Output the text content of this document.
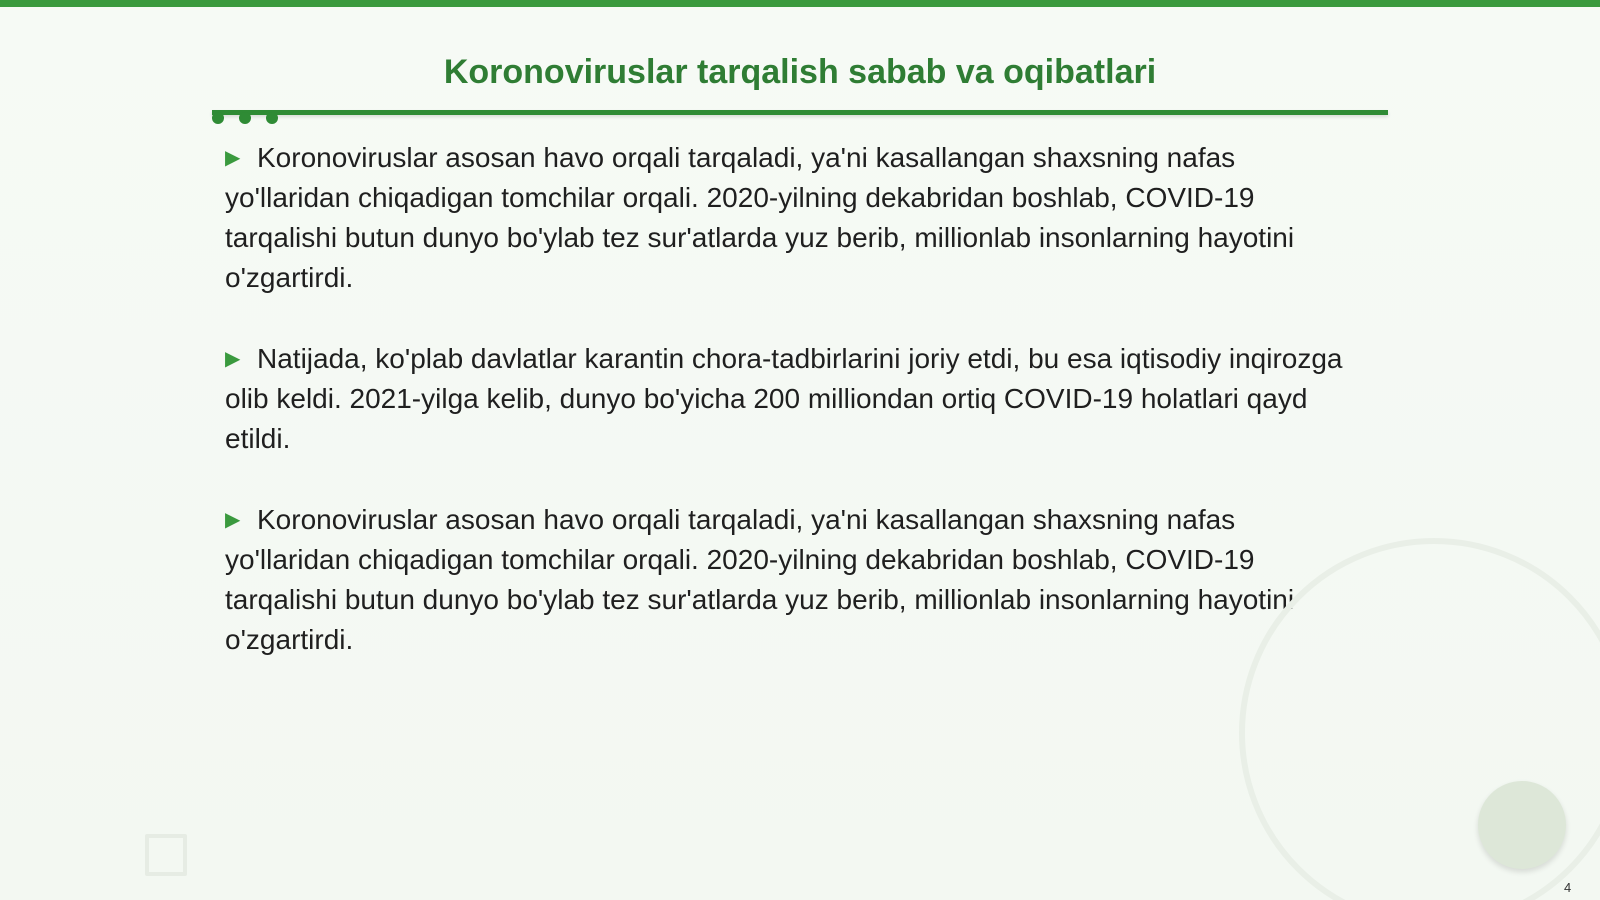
Koronoviruslar tarqalish sabab va oqibatlari

▶ Koronoviruslar asosan havo orqali tarqaladi, ya'ni kasallangan shaxsning nafas yo'llaridan chiqadigan tomchilar orqali. 2020-yilning dekabridan boshlab, COVID-19 tarqalishi butun dunyo bo'ylab tez sur'atlarda yuz berib, millionlab insonlarning hayotini o'zgartirdi.

▶ Natijada, ko'plab davlatlar karantin chora-tadbirlarini joriy etdi, bu esa iqtisodiy inqirozga olib keldi. 2021-yilga kelib, dunyo bo'yicha 200 milliondan ortiq COVID-19 holatlari qayd etildi.

▶ Koronoviruslar asosan havo orqali tarqaladi, ya'ni kasallangan shaxsning nafas yo'llaridan chiqadigan tomchilar orqali. 2020-yilning dekabridan boshlab, COVID-19 tarqalishi butun dunyo bo'ylab tez sur'atlarda yuz berib, millionlab insonlarning hayotini o'zgartirdi.

4
